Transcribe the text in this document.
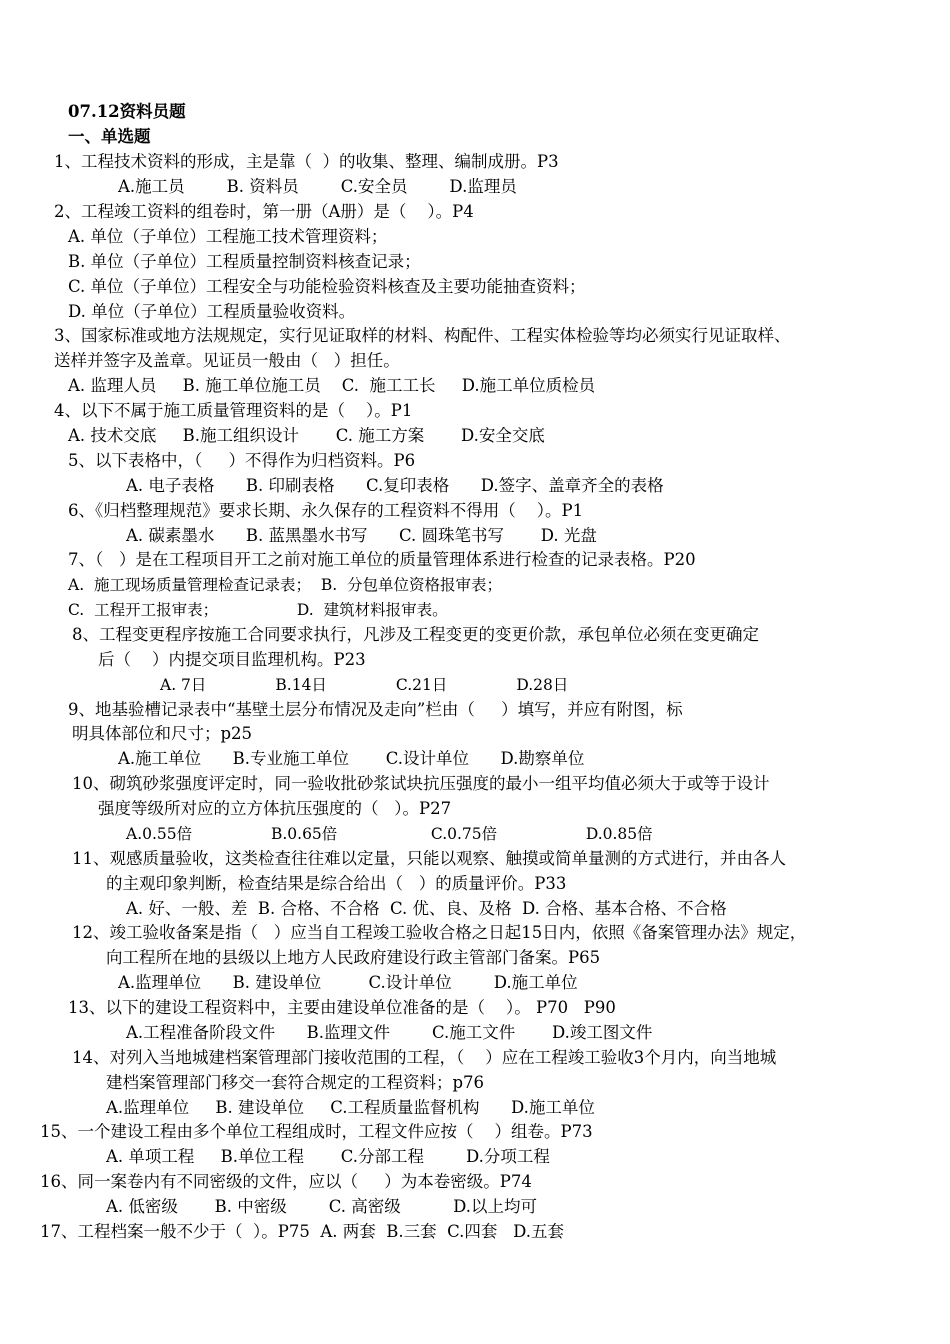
07.12资料员题
一、单选题
1、工程技术资料的形成，主是靠（  ）的收集、整理、编制成册。P3
A.施工员        B. 资料员        C.安全员        D.监理员
2、工程竣工资料的组卷时，第一册（A册）是（    ）。P4
A. 单位（子单位）工程施工技术管理资料；
B. 单位（子单位）工程质量控制资料核查记录；
C. 单位（子单位）工程安全与功能检验资料核查及主要功能抽查资料；
D. 单位（子单位）工程质量验收资料。
3、国家标准或地方法规规定，实行见证取样的材料、构配件、工程实体检验等均必须实行见证取样、
送样并签字及盖章。见证员一般由（   ）担任。
A. 监理人员     B. 施工单位施工员    C.  施工工长     D.施工单位质检员
4、以下不属于施工质量管理资料的是（    ）。P1
A. 技术交底     B.施工组织设计       C. 施工方案       D.安全交底
5、以下表格中，（     ）不得作为归档资料。P6
A. 电子表格      B. 印刷表格      C.复印表格      D.签字、盖章齐全的表格
6、《归档整理规范》要求长期、永久保存的工程资料不得用（    ）。P1
A. 碳素墨水      B. 蓝黑墨水书写      C. 圆珠笔书写       D. 光盘
7、（   ）是在工程项目开工之前对施工单位的质量管理体系进行检查的记录表格。P20
A.  施工现场质量管理检查记录表；  B.  分包单位资格报审表；
C.  工程开工报审表；                D.  建筑材料报审表。
8、工程变更程序按施工合同要求执行，凡涉及工程变更的变更价款，承包单位必须在变更确定
后（    ）内提交项目监理机构。P23
A. 7日              B.14日              C.21日              D.28日
9、地基验槽记录表中“基壁土层分布情况及走向”栏由（     ）填写，并应有附图，标
明具体部位和尺寸；p25
A.施工单位      B.专业施工单位       C.设计单位      D.勘察单位
10、砌筑砂浆强度评定时，同一验收批砂浆试块抗压强度的最小一组平均值必须大于或等于设计
强度等级所对应的立方体抗压强度的（   ）。P27
A.0.55倍                B.0.65倍                   C.0.75倍                  D.0.85倍
11、观感质量验收，这类检查往往难以定量，只能以观察、触摸或简单量测的方式进行，并由各人
的主观印象判断，检查结果是综合给出（   ）的质量评价。P33
A. 好、一般、差  B. 合格、不合格  C. 优、良、及格  D. 合格、基本合格、不合格
12、竣工验收备案是指（   ）应当自工程竣工验收合格之日起15日内，依照《备案管理办法》规定，
向工程所在地的县级以上地方人民政府建设行政主管部门备案。P65
A.监理单位      B. 建设单位         C.设计单位        D.施工单位
13、以下的建设工程资料中，主要由建设单位准备的是（    ）。 P70   P90
A.工程准备阶段文件      B.监理文件        C.施工文件       D.竣工图文件
14、对列入当地城建档案管理部门接收范围的工程，（    ）应在工程竣工验收3个月内，向当地城
建档案管理部门移交一套符合规定的工程资料；p76
A.监理单位     B. 建设单位     C.工程质量监督机构      D.施工单位
15、一个建设工程由多个单位工程组成时，工程文件应按（    ）组卷。P73
A. 单项工程     B.单位工程       C.分部工程        D.分项工程
16、同一案卷内有不同密级的文件，应以（     ）为本卷密级。P74
A. 低密级       B. 中密级        C. 高密级          D.以上均可
17、工程档案一般不少于（  ）。P75  A. 两套  B.三套  C.四套   D.五套
